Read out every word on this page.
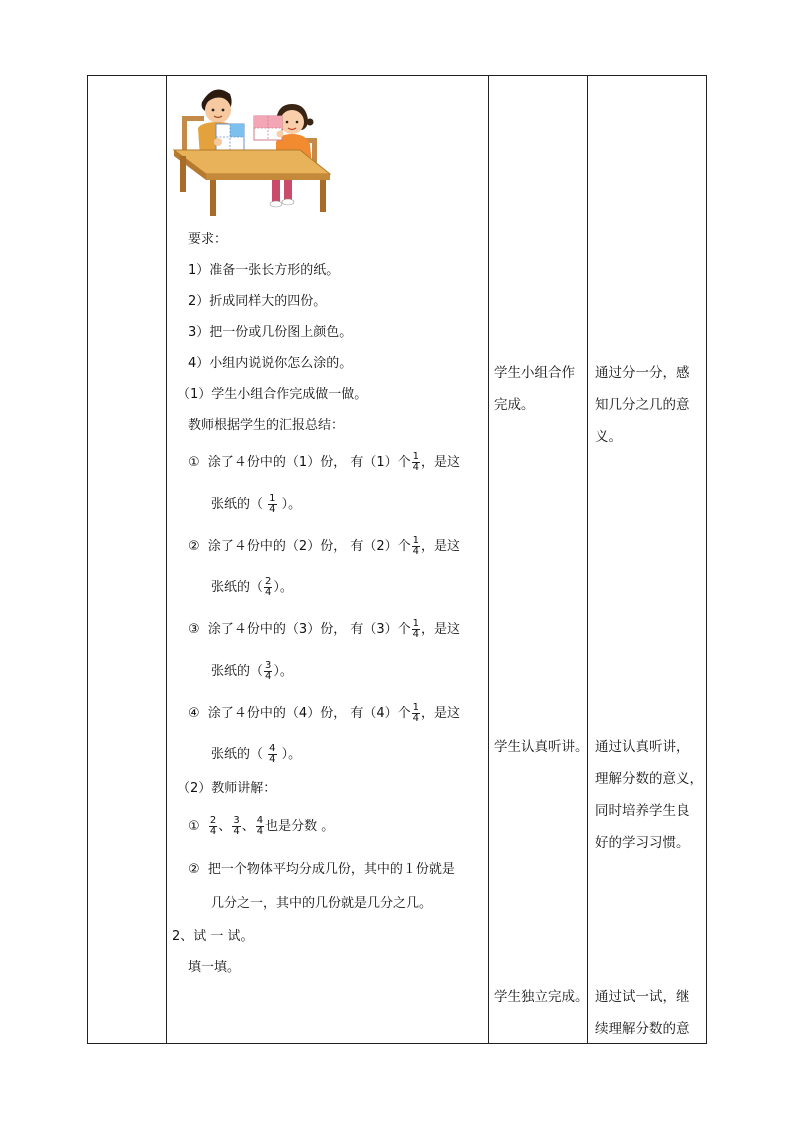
要求：
1）准备一张长方形的纸。
2）折成同样大的四份。
3）把一份或几份图上颜色。
4）小组内说说你怎么涂的。
（1）学生小组合作完成做一做。
教师根据学生的汇报总结：
① 涂了４份中的（1）份， 有（1）个 $\frac{1}{4}$ ，是这
张纸的（ $\frac{1}{4}$ ）。
② 涂了４份中的（2）份， 有（2）个 $\frac{1}{4}$ ，是这
张纸的（ $\frac{2}{4}$ ）。
③ 涂了４份中的（3）份， 有（3）个 $\frac{1}{4}$ ，是这
张纸的（ $\frac{3}{4}$ ）。
④ 涂了４份中的（4）份， 有（4）个 $\frac{1}{4}$ ，是这
张纸的（ $\frac{4}{4}$ ）。
（2）教师讲解：
① $\frac{2}{4}$ 、 $\frac{3}{4}$ 、 $\frac{4}{4}$ 也是分数 。
② 把一个物体平均分成几份，其中的１份就是
几分之一，其中的几份就是几分之几。
2、试 一 试。
填一填。
学生小组合作
完成。
学生认真听讲。
学生独立完成。
通过分一分，感
知几分之几的意
义。
通过认真听讲，
理解分数的意义，
同时培养学生良
好的学习习惯。
通过试一试，继
续理解分数的意
